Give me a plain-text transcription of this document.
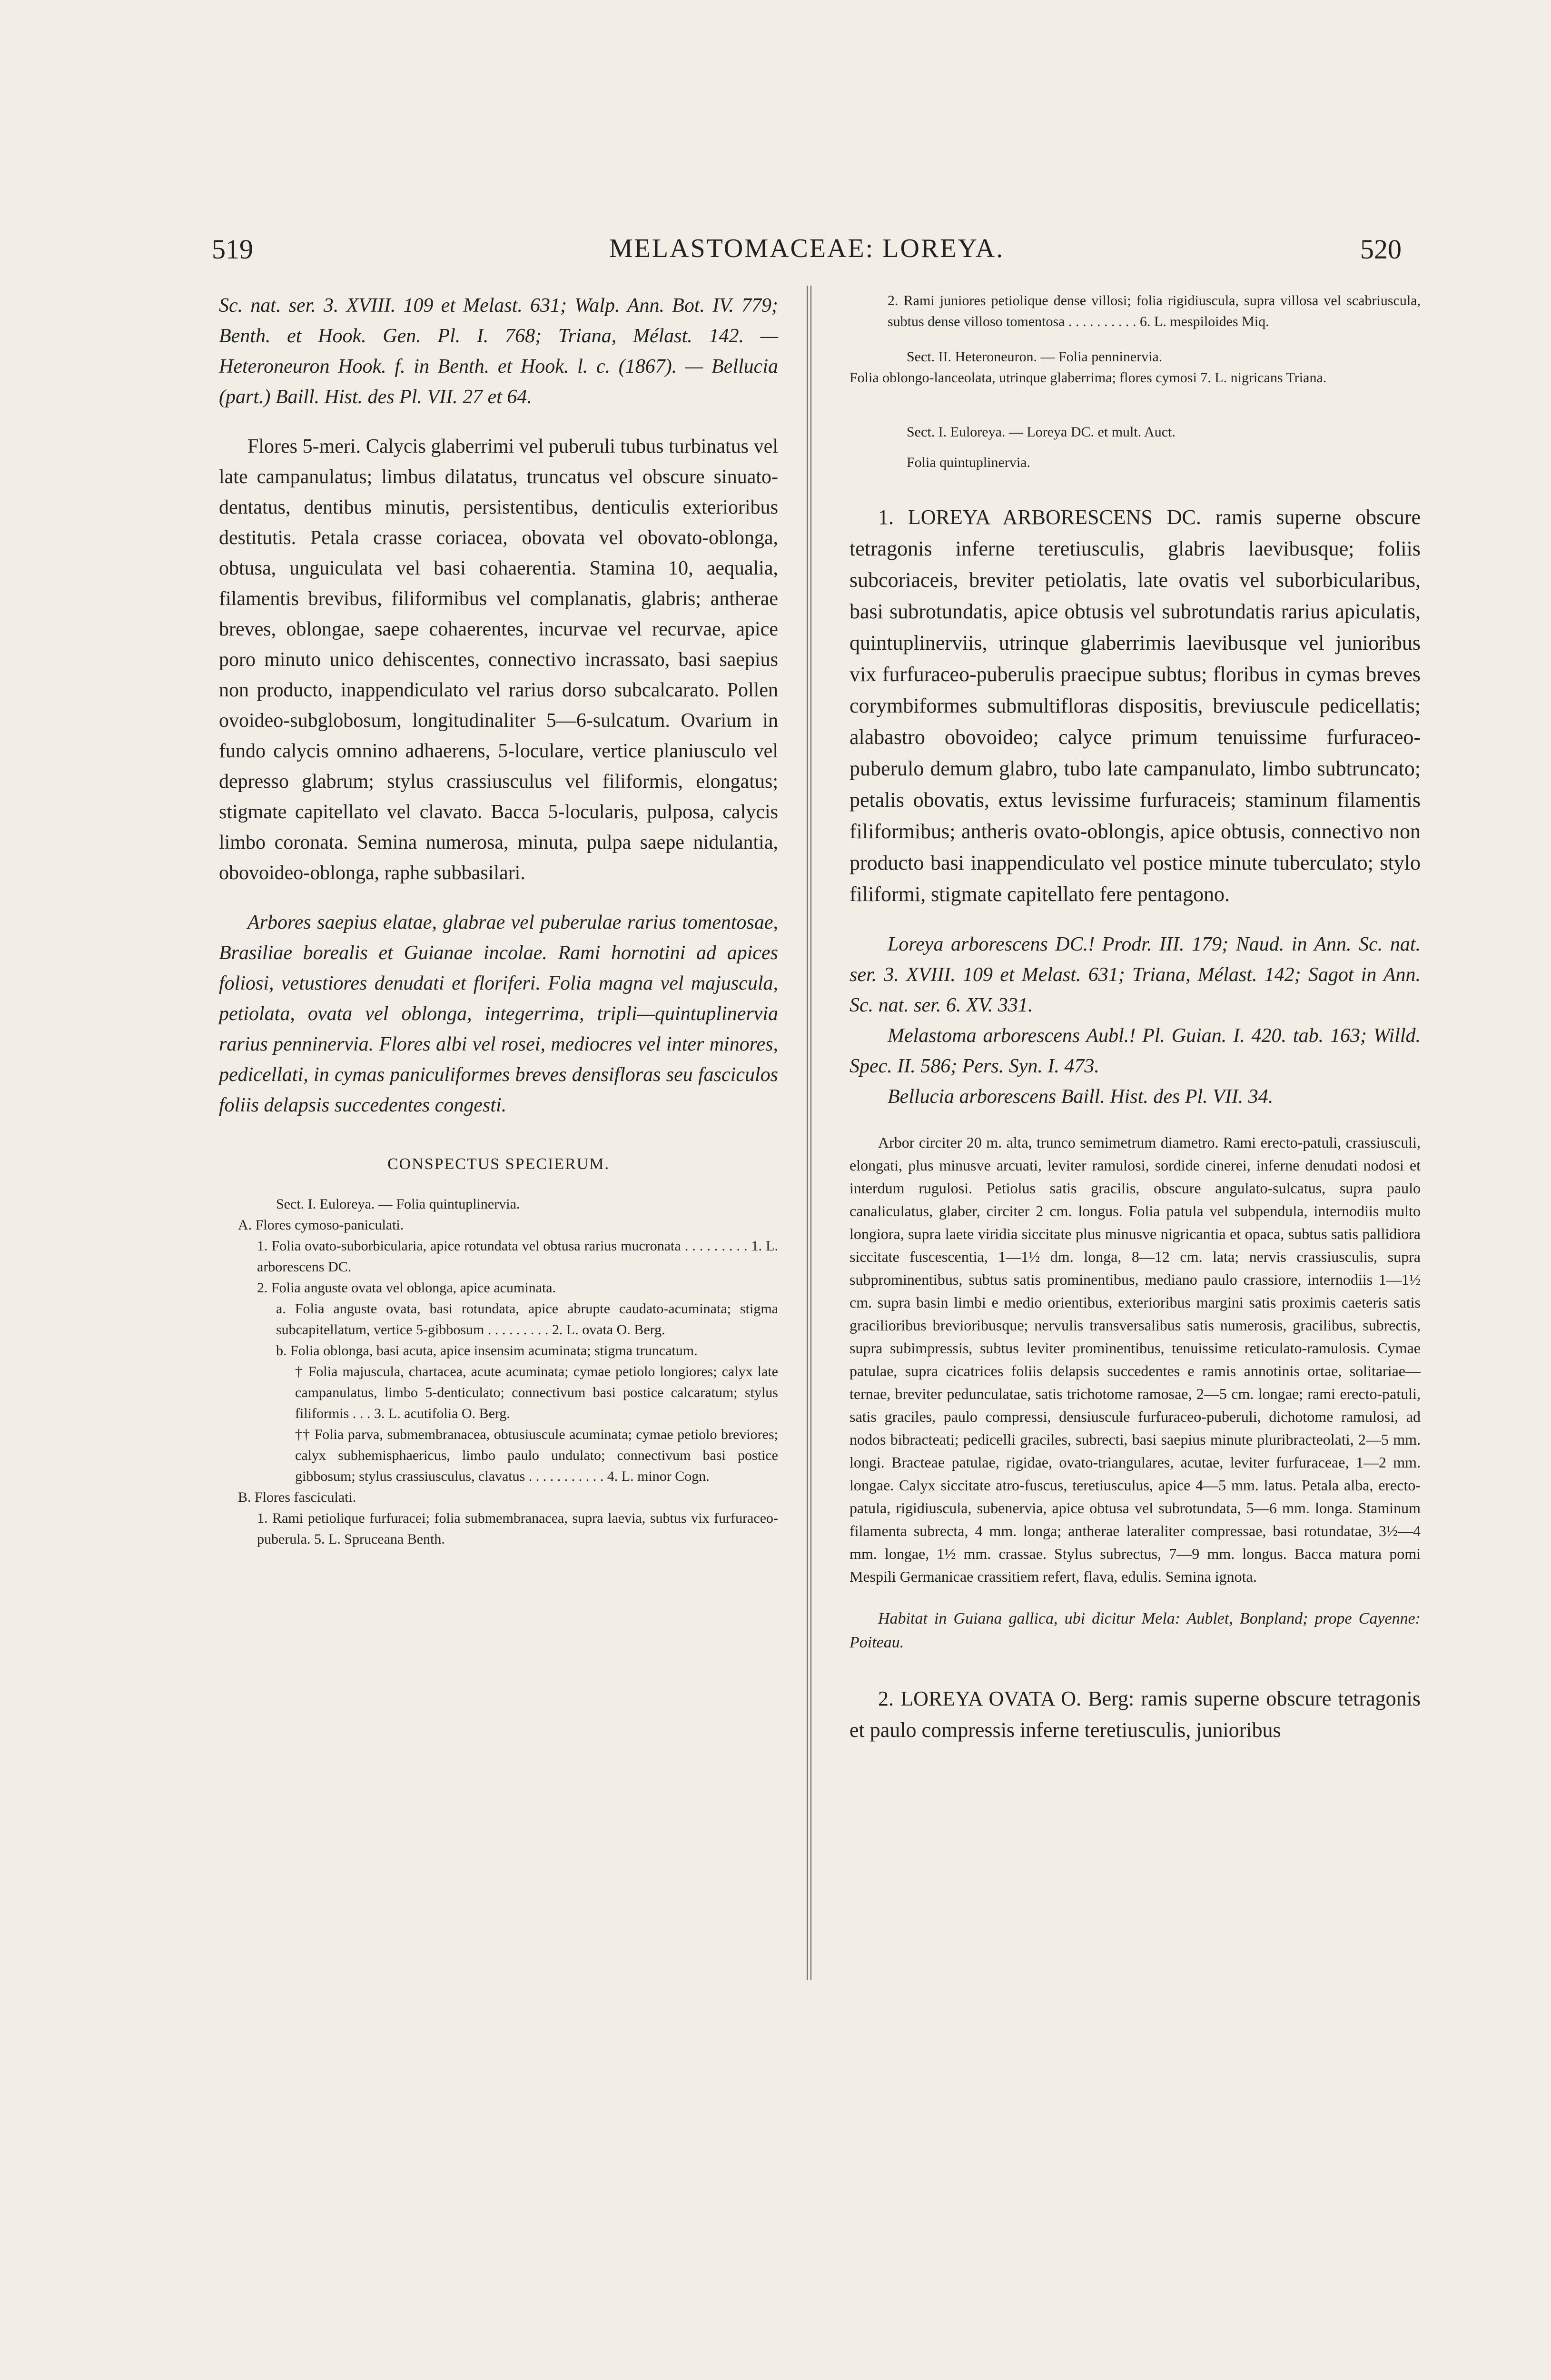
519	MELASTOMACEAE: LOREYA.	520

Sc. nat. ser. 3. XVIII. 109 et Melast. 631; Walp. Ann. Bot. IV. 779; Benth. et Hook. Gen. Pl. I. 768; Triana, Mélast. 142. — Heteroneuron Hook. f. in Benth. et Hook. l. c. (1867). — Bellucia (part.) Baill. Hist. des Pl. VII. 27 et 64.

Flores 5-meri. Calycis glaberrimi vel puberuli tubus turbinatus vel late campanulatus; limbus dilatatus, truncatus vel obscure sinuato-dentatus, dentibus minutis, persistentibus, denticulis exterioribus destitutis. Petala crasse coriacea, obovata vel obovato-oblonga, obtusa, unguiculata vel basi cohaerentia. Stamina 10, aequalia, filamentis brevibus, filiformibus vel complanatis, glabris; antherae breves, oblongae, saepe cohaerentes, incurvae vel recurvae, apice poro minuto unico dehiscentes, connectivo incrassato, basi saepius non producto, inappendiculato vel rarius dorso subcalcarato. Pollen ovoideo-subglobosum, longitudinaliter 5—6-sulcatum. Ovarium in fundo calycis omnino adhaerens, 5-loculare, vertice planiusculo vel depresso glabrum; stylus crassiusculus vel filiformis, elongatus; stigmate capitellato vel clavato. Bacca 5-locularis, pulposa, calycis limbo coronata. Semina numerosa, minuta, pulpa saepe nidulantia, obovoideo-oblonga, raphe subbasilari.

Arbores saepius elatae, glabrae vel puberulae rarius tomentosae, Brasiliae borealis et Guianae incolae. Rami hornotini ad apices foliosi, vetustiores denudati et floriferi. Folia magna vel majuscula, petiolata, ovata vel oblonga, integerrima, tripli—quintuplinervia rarius penninervia. Flores albi vel rosei, mediocres vel inter minores, pedicellati, in cymas paniculiformes breves densifloras seu fasciculos foliis delapsis succedentes congesti.

CONSPECTUS SPECIERUM.
Sect. I. Euloreya. — Folia quintuplinervia.
A. Flores cymoso-paniculati.
1. Folia ovato-suborbicularia, apice rotundata vel obtusa rarius mucronata . . . . . . . . . 1. L. arborescens DC.
2. Folia anguste ovata vel oblonga, apice acuminata.
a. Folia anguste ovata, basi rotundata, apice abrupte caudato-acuminata; stigma subcapitellatum, vertice 5-gibbosum . . . . . . . . . 2. L. ovata O. Berg.
b. Folia oblonga, basi acuta, apice insensim acuminata; stigma truncatum.
† Folia majuscula, chartacea, acute acuminata; cymae petiolo longiores; calyx late campanulatus, limbo 5-denticulato; connectivum basi postice calcaratum; stylus filiformis . . . 3. L. acutifolia O. Berg.
†† Folia parva, submembranacea, obtusiuscule acuminata; cymae petiolo breviores; calyx subhemisphaericus, limbo paulo undulato; connectivum basi postice gibbosum; stylus crassiusculus, clavatus . . . . . . . . . . . 4. L. minor Cogn.
B. Flores fasciculati.
1. Rami petiolique furfuracei; folia submembranacea, supra laevia, subtus vix furfuraceo-puberula. 5. L. Spruceana Benth.
2. Rami juniores petiolique dense villosi; folia rigidiuscula, supra villosa vel scabriuscula, subtus dense villoso tomentosa . . . . . . . . . . 6. L. mespiloides Miq.
Sect. II. Heteroneuron. — Folia penninervia.
Folia oblongo-lanceolata, utrinque glaberrima; flores cymosi 7. L. nigricans Triana.
Sect. I. Euloreya. — Loreya DC. et mult. Auct.
Folia quintuplinervia.

1. LOREYA ARBORESCENS DC. ramis superne obscure tetragonis inferne teretiusculis, glabris laevibusque; foliis subcoriaceis, breviter petiolatis, late ovatis vel suborbicularibus, basi subrotundatis, apice obtusis vel subrotundatis rarius apiculatis, quintuplinerviis, utrinque glaberrimis laevibusque vel junioribus vix furfuraceo-puberulis praecipue subtus; floribus in cymas breves corymbiformes submultifloras dispositis, breviuscule pedicellatis; alabastro obovoideo; calyce primum tenuissime furfuraceo-puberulo demum glabro, tubo late campanulato, limbo subtruncato; petalis obovatis, extus levissime furfuraceis; staminum filamentis filiformibus; antheris ovato-oblongis, apice obtusis, connectivo non producto basi inappendiculato vel postice minute tuberculato; stylo filiformi, stigmate capitellato fere pentagono.

Loreya arborescens DC.! Prodr. III. 179; Naud. in Ann. Sc. nat. ser. 3. XVIII. 109 et Melast. 631; Triana, Mélast. 142; Sagot in Ann. Sc. nat. ser. 6. XV. 331.

Melastoma arborescens Aubl.! Pl. Guian. I. 420. tab. 163; Willd. Spec. II. 586; Pers. Syn. I. 473.

Bellucia arborescens Baill. Hist. des Pl. VII. 34.

Arbor circiter 20 m. alta, trunco semimetrum diametro. Rami erecto-patuli, crassiusculi, elongati, plus minusve arcuati, leviter ramulosi, sordide cinerei, inferne denudati nodosi et interdum rugulosi. Petiolus satis gracilis, obscure angulato-sulcatus, supra paulo canaliculatus, glaber, circiter 2 cm. longus. Folia patula vel subpendula, internodiis multo longiora, supra laete viridia siccitate plus minusve nigricantia et opaca, subtus satis pallidiora siccitate fuscescentia, 1—1½ dm. longa, 8—12 cm. lata; nervis crassiusculis, supra subprominentibus, subtus satis prominentibus, mediano paulo crassiore, internodiis 1—1½ cm. supra basin limbi e medio orientibus, exterioribus margini satis proximis caeteris satis gracilioribus brevioribusque; nervulis transversalibus satis numerosis, gracilibus, subrectis, supra subimpressis, subtus leviter prominentibus, tenuissime reticulato-ramulosis. Cymae patulae, supra cicatrices foliis delapsis succedentes e ramis annotinis ortae, solitariae—ternae, breviter pedunculatae, satis trichotome ramosae, 2—5 cm. longae; rami erecto-patuli, satis graciles, paulo compressi, densiuscule furfuraceo-puberuli, dichotome ramulosi, ad nodos bibracteati; pedicelli graciles, subrecti, basi saepius minute pluribracteolati, 2—5 mm. longi. Bracteae patulae, rigidae, ovato-triangulares, acutae, leviter furfuraceae, 1—2 mm. longae. Calyx siccitate atro-fuscus, teretiusculus, apice 4—5 mm. latus. Petala alba, erecto-patula, rigidiuscula, subenervia, apice obtusa vel subrotundata, 5—6 mm. longa. Staminum filamenta subrecta, 4 mm. longa; antherae lateraliter compressae, basi rotundatae, 3½—4 mm. longae, 1½ mm. crassae. Stylus subrectus, 7—9 mm. longus. Bacca matura pomi Mespili Germanicae crassitiem refert, flava, edulis. Semina ignota.

Habitat in Guiana gallica, ubi dicitur Mela: Aublet, Bonpland; prope Cayenne: Poiteau.

2. LOREYA OVATA O. Berg: ramis superne obscure tetragonis et paulo compressis inferne teretiusculis, junioribus
